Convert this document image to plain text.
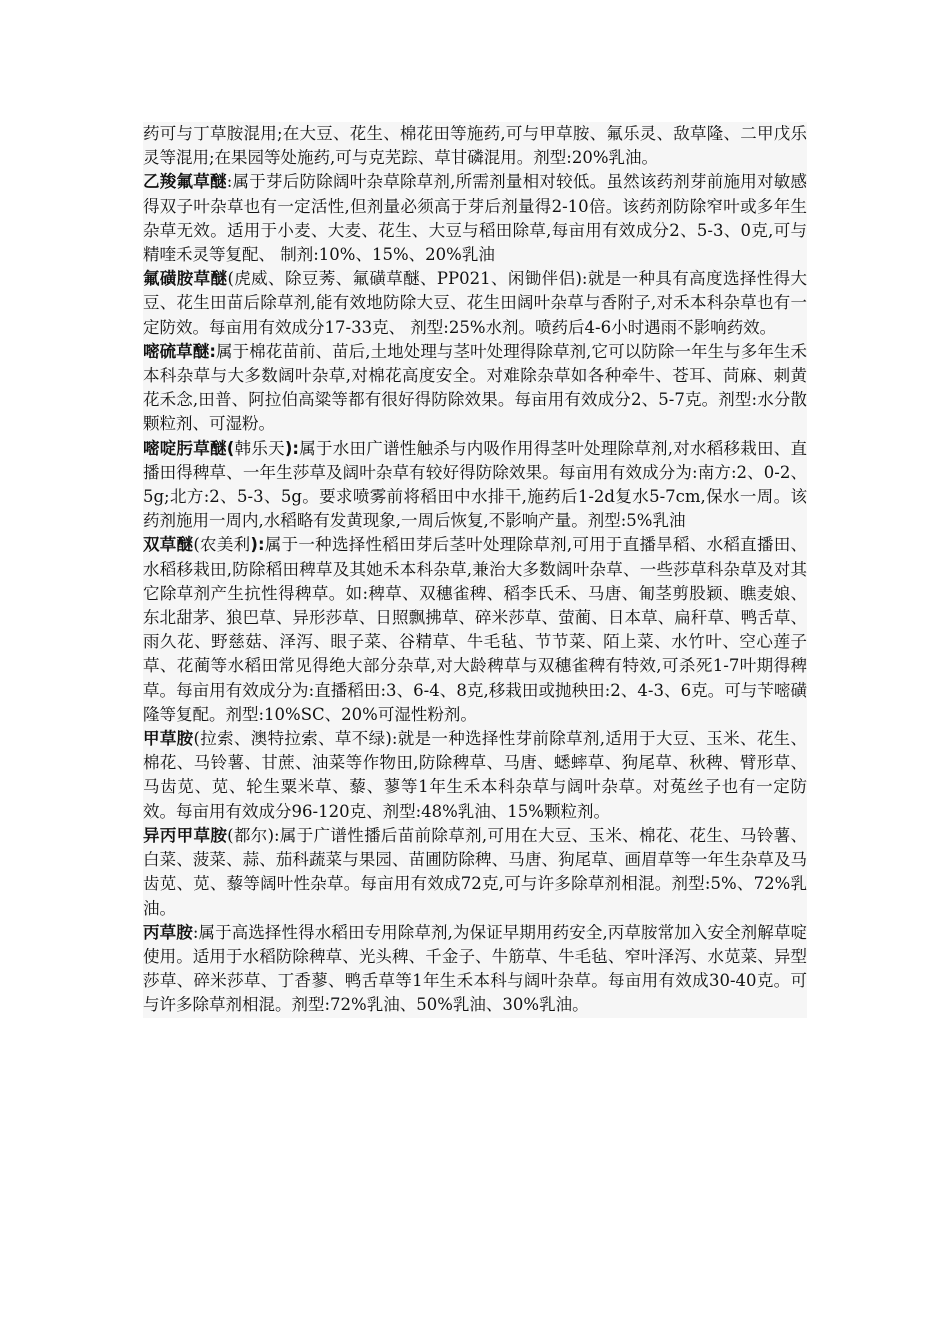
药可与丁草胺混用;在大豆、花生、棉花田等施药,可与甲草胺、氟乐灵、敌草隆、二甲戊乐灵等混用;在果园等处施药,可与克芜踪、草甘磷混用。剂型:20%乳油。

乙羧氟草醚:属于芽后防除阔叶杂草除草剂,所需剂量相对较低。虽然该药剂芽前施用对敏感得双子叶杂草也有一定活性,但剂量必须高于芽后剂量得2-10倍。该药剂防除窄叶或多年生杂草无效。适用于小麦、大麦、花生、大豆与稻田除草,每亩用有效成分2、5-3、0克,可与精喹禾灵等复配、 制剂:10%、15%、20%乳油

氟磺胺草醚(虎威、除豆莠、氟磺草醚、PP021、闲锄伴侣):就是一种具有高度选择性得大豆、花生田苗后除草剂,能有效地防除大豆、花生田阔叶杂草与香附子,对禾本科杂草也有一定防效。每亩用有效成分17-33克、 剂型:25%水剂。喷药后4-6小时遇雨不影响药效。

嘧硫草醚:属于棉花苗前、苗后,土地处理与茎叶处理得除草剂,它可以防除一年生与多年生禾本科杂草与大多数阔叶杂草,对棉花高度安全。对难除杂草如各种牵牛、苍耳、苘麻、刺黄花禾念,田普、阿拉伯高粱等都有很好得防除效果。每亩用有效成分2、5-7克。剂型:水分散颗粒剂、可湿粉。

嘧啶肟草醚(韩乐天):属于水田广谱性触杀与内吸作用得茎叶处理除草剂,对水稻移栽田、直播田得稗草、一年生莎草及阔叶杂草有较好得防除效果。每亩用有效成分为:南方:2、0-2、5g;北方:2、5-3、5g。要求喷雾前将稻田中水排干,施药后1-2d复水5-7cm,保水一周。该药剂施用一周内,水稻略有发黄现象,一周后恢复,不影响产量。剂型:5%乳油

双草醚(农美利):属于一种选择性稻田芽后茎叶处理除草剂,可用于直播旱稻、水稻直播田、水稻移栽田,防除稻田稗草及其她禾本科杂草,兼治大多数阔叶杂草、一些莎草科杂草及对其它除草剂产生抗性得稗草。如:稗草、双穗雀稗、稻李氏禾、马唐、匍茎剪股颖、瞧麦娘、东北甜茅、狼巴草、异形莎草、日照飘拂草、碎米莎草、萤蔺、日本草、扁秆草、鸭舌草、雨久花、野慈菇、泽泻、眼子菜、谷精草、牛毛毡、节节菜、陌上菜、水竹叶、空心莲子草、花蔺等水稻田常见得绝大部分杂草,对大龄稗草与双穗雀稗有特效,可杀死1-7叶期得稗草。每亩用有效成分为:直播稻田:3、6-4、8克,移栽田或抛秧田:2、4-3、6克。可与苄嘧磺隆等复配。剂型:10%SC、20%可湿性粉剂。

甲草胺(拉索、澳特拉索、草不绿):就是一种选择性芽前除草剂,适用于大豆、玉米、花生、棉花、马铃薯、甘蔗、油菜等作物田,防除稗草、马唐、蟋蟀草、狗尾草、秋稗、臂形草、马齿苋、苋、轮生粟米草、藜、蓼等1年生禾本科杂草与阔叶杂草。对菟丝子也有一定防效。每亩用有效成分96-120克、剂型:48%乳油、15%颗粒剂。

异丙甲草胺(都尔):属于广谱性播后苗前除草剂,可用在大豆、玉米、棉花、花生、马铃薯、白菜、菠菜、蒜、茄科蔬菜与果园、苗圃防除稗、马唐、狗尾草、画眉草等一年生杂草及马齿苋、苋、藜等阔叶性杂草。每亩用有效成72克,可与许多除草剂相混。剂型:5%、72%乳油。

丙草胺:属于高选择性得水稻田专用除草剂,为保证早期用药安全,丙草胺常加入安全剂解草啶使用。适用于水稻防除稗草、光头稗、千金子、牛筋草、牛毛毡、窄叶泽泻、水苋菜、异型莎草、碎米莎草、丁香蓼、鸭舌草等1年生禾本科与阔叶杂草。每亩用有效成30-40克。可与许多除草剂相混。剂型:72%乳油、50%乳油、30%乳油。
